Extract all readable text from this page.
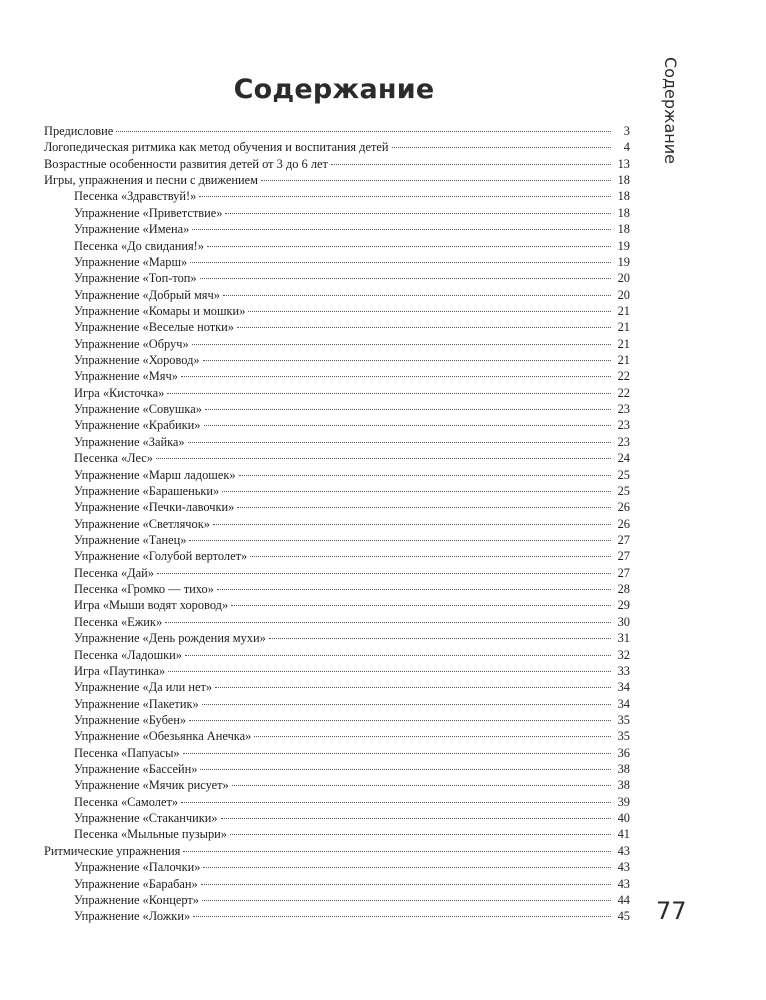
Содержание
Содержание
Предисловие	3
Логопедическая ритмика как метод обучения и воспитания детей	4
Возрастные особенности развития детей от 3 до 6 лет	13
Игры, упражнения и песни с движением	18
Песенка «Здравствуй!»	18
Упражнение «Приветствие»	18
Упражнение «Имена»	18
Песенка «До свидания!»	19
Упражнение «Марш»	19
Упражнение «Топ-топ»	20
Упражнение «Добрый мяч»	20
Упражнение «Комары и мошки»	21
Упражнение «Веселые нотки»	21
Упражнение «Обруч»	21
Упражнение «Хоровод»	21
Упражнение «Мяч»	22
Игра «Кисточка»	22
Упражнение «Совушка»	23
Упражнение «Крабики»	23
Упражнение «Зайка»	23
Песенка «Лес»	24
Упражнение «Марш ладошек»	25
Упражнение «Барашеньки»	25
Упражнение «Печки-лавочки»	26
Упражнение «Светлячок»	26
Упражнение «Танец»	27
Упражнение «Голубой вертолет»	27
Песенка «Дай»	27
Песенка «Громко — тихо»	28
Игра «Мыши водят хоровод»	29
Песенка «Ежик»	30
Упражнение «День рождения мухи»	31
Песенка «Ладошки»	32
Игра «Паутинка»	33
Упражнение «Да или нет»	34
Упражнение «Пакетик»	34
Упражнение «Бубен»	35
Упражнение «Обезьянка Анечка»	35
Песенка «Папуасы»	36
Упражнение «Бассейн»	38
Упражнение «Мячик рисует»	38
Песенка «Самолет»	39
Упражнение «Стаканчики»	40
Песенка «Мыльные пузыри»	41
Ритмические упражнения	43
Упражнение «Палочки»	43
Упражнение «Барабан»	43
Упражнение «Концерт»	44
Упражнение «Ложки»	45 77
